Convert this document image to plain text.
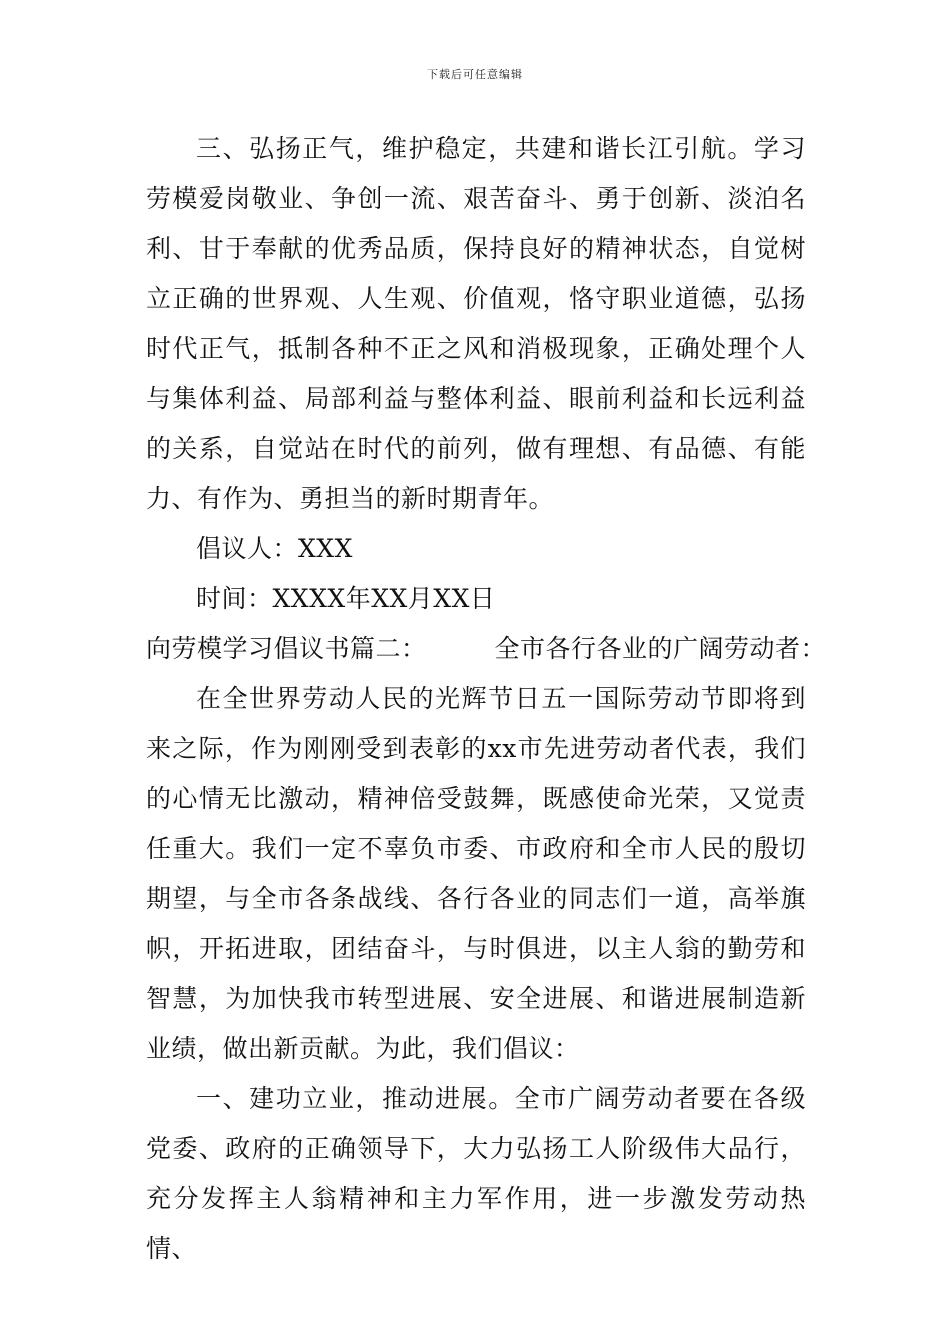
下载后可任意编辑

三、弘扬正气，维护稳定，共建和谐长江引航。学习劳模爱岗敬业、争创一流、艰苦奋斗、勇于创新、淡泊名利、甘于奉献的优秀品质，保持良好的精神状态，自觉树立正确的世界观、人生观、价值观，恪守职业道德，弘扬时代正气，抵制各种不正之风和消极现象，正确处理个人与集体利益、局部利益与整体利益、眼前利益和长远利益的关系，自觉站在时代的前列，做有理想、有品德、有能力、有作为、勇担当的新时期青年。

倡议人：XXX

时间：XXXX年XX月XX日

向劳模学习倡议书篇二：	全市各行各业的广阔劳动者：

在全世界劳动人民的光辉节日五一国际劳动节即将到来之际，作为刚刚受到表彰的xx市先进劳动者代表，我们的心情无比激动，精神倍受鼓舞，既感使命光荣，又觉责任重大。我们一定不辜负市委、市政府和全市人民的殷切期望，与全市各条战线、各行各业的同志们一道，高举旗帜，开拓进取，团结奋斗，与时俱进，以主人翁的勤劳和智慧，为加快我市转型进展、安全进展、和谐进展制造新业绩，做出新贡献。为此，我们倡议：

一、建功立业，推动进展。全市广阔劳动者要在各级党委、政府的正确领导下，大力弘扬工人阶级伟大品行，充分发挥主人翁精神和主力军作用，进一步激发劳动热情、
